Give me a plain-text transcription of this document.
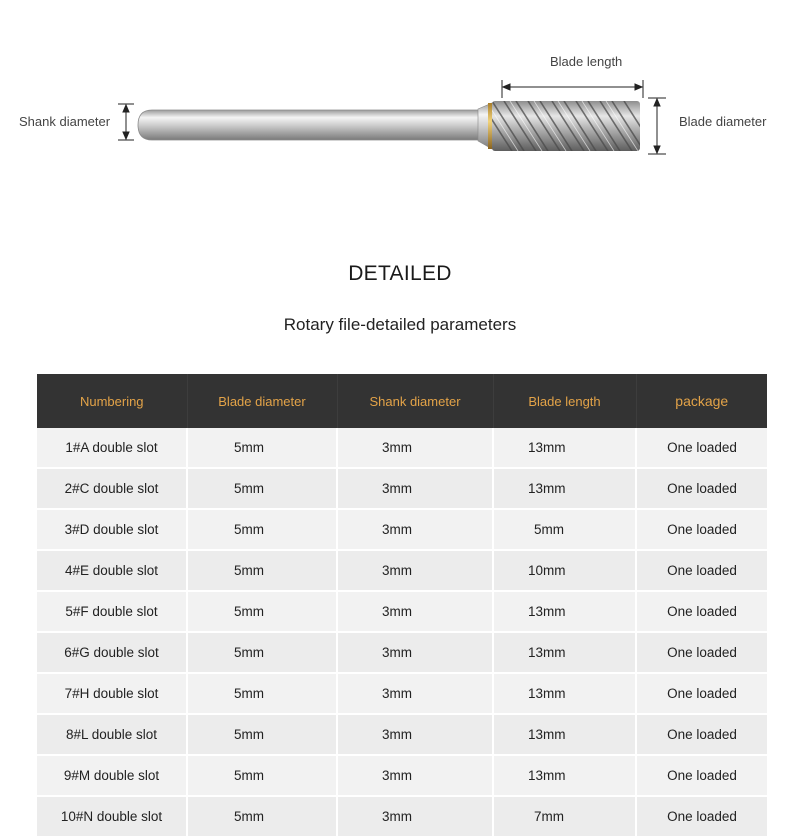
Blade length
Shank diameter	Blade diameter
DETAILED
Rotary file-detailed parameters
Numbering	Blade diameter	Shank diameter	Blade length	package
1#A double slot	5mm	3mm	13mm	One loaded
2#C double slot	5mm	3mm	13mm	One loaded
3#D double slot	5mm	3mm	5mm	One loaded
4#E double slot	5mm	3mm	10mm	One loaded
5#F double slot	5mm	3mm	13mm	One loaded
6#G double slot	5mm	3mm	13mm	One loaded
7#H double slot	5mm	3mm	13mm	One loaded
8#L double slot	5mm	3mm	13mm	One loaded
9#M double slot	5mm	3mm	13mm	One loaded
10#N double slot	5mm	3mm	7mm	One loaded
